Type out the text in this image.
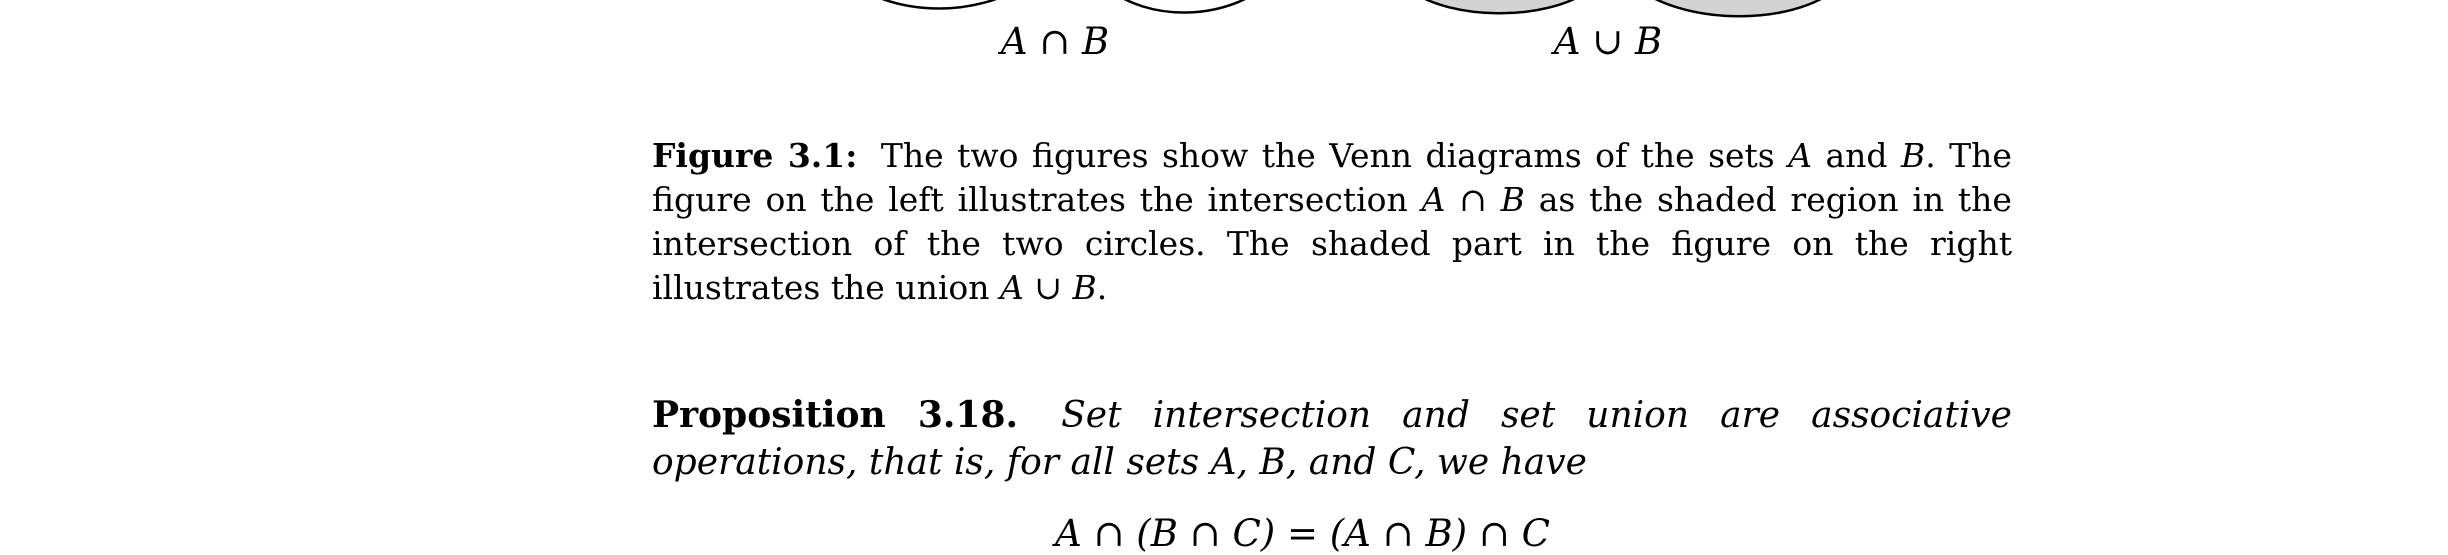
A ∩ B	A ∪ B
Figure 3.1: The two figures show the Venn diagrams of the sets A and B. The figure on the left illustrates the intersection A ∩ B as the shaded region in the intersection of the two circles. The shaded part in the figure on the right illustrates the union A ∪ B.
Proposition 3.18. Set intersection and set union are associative operations, that is, for all sets A, B, and C, we have
A ∩ (B ∩ C) = (A ∩ B) ∩ C
